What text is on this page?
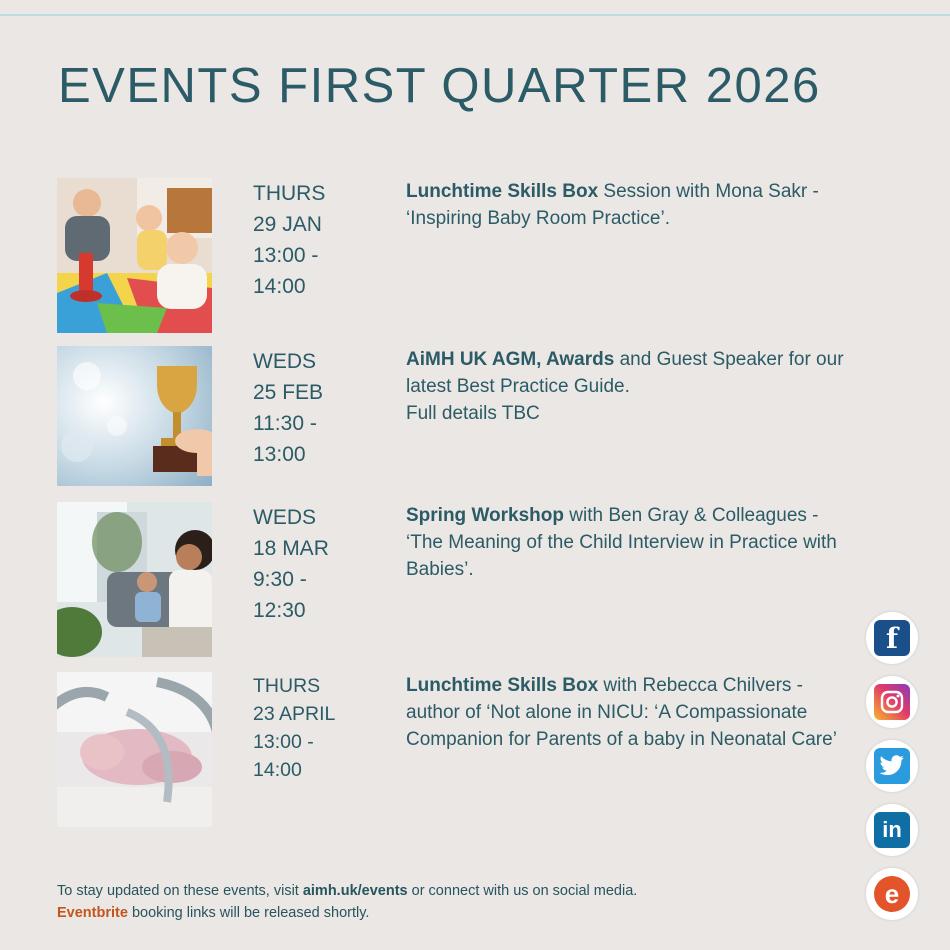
EVENTS FIRST QUARTER 2026
THURS
29 JAN
13:00 -
14:00
Lunchtime Skills Box Session with Mona Sakr - ‘Inspiring Baby Room Practice’.
WEDS
25 FEB
11:30 -
13:00
AiMH UK AGM, Awards and Guest Speaker for our latest Best Practice Guide.
Full details TBC
WEDS
18 MAR
9:30 -
12:30
Spring Workshop with Ben Gray & Colleagues - ‘The Meaning of the Child Interview in Practice with Babies’.
THURS
23 APRIL
13:00 -
14:00
Lunchtime Skills Box with Rebecca Chilvers - author of ‘Not alone in NICU: ‘A Compassionate Companion for Parents of a baby in Neonatal Care’
To stay updated on these events, visit aimh.uk/events or connect with us on social media.
Eventbrite booking links will be released shortly.
f
in
e
